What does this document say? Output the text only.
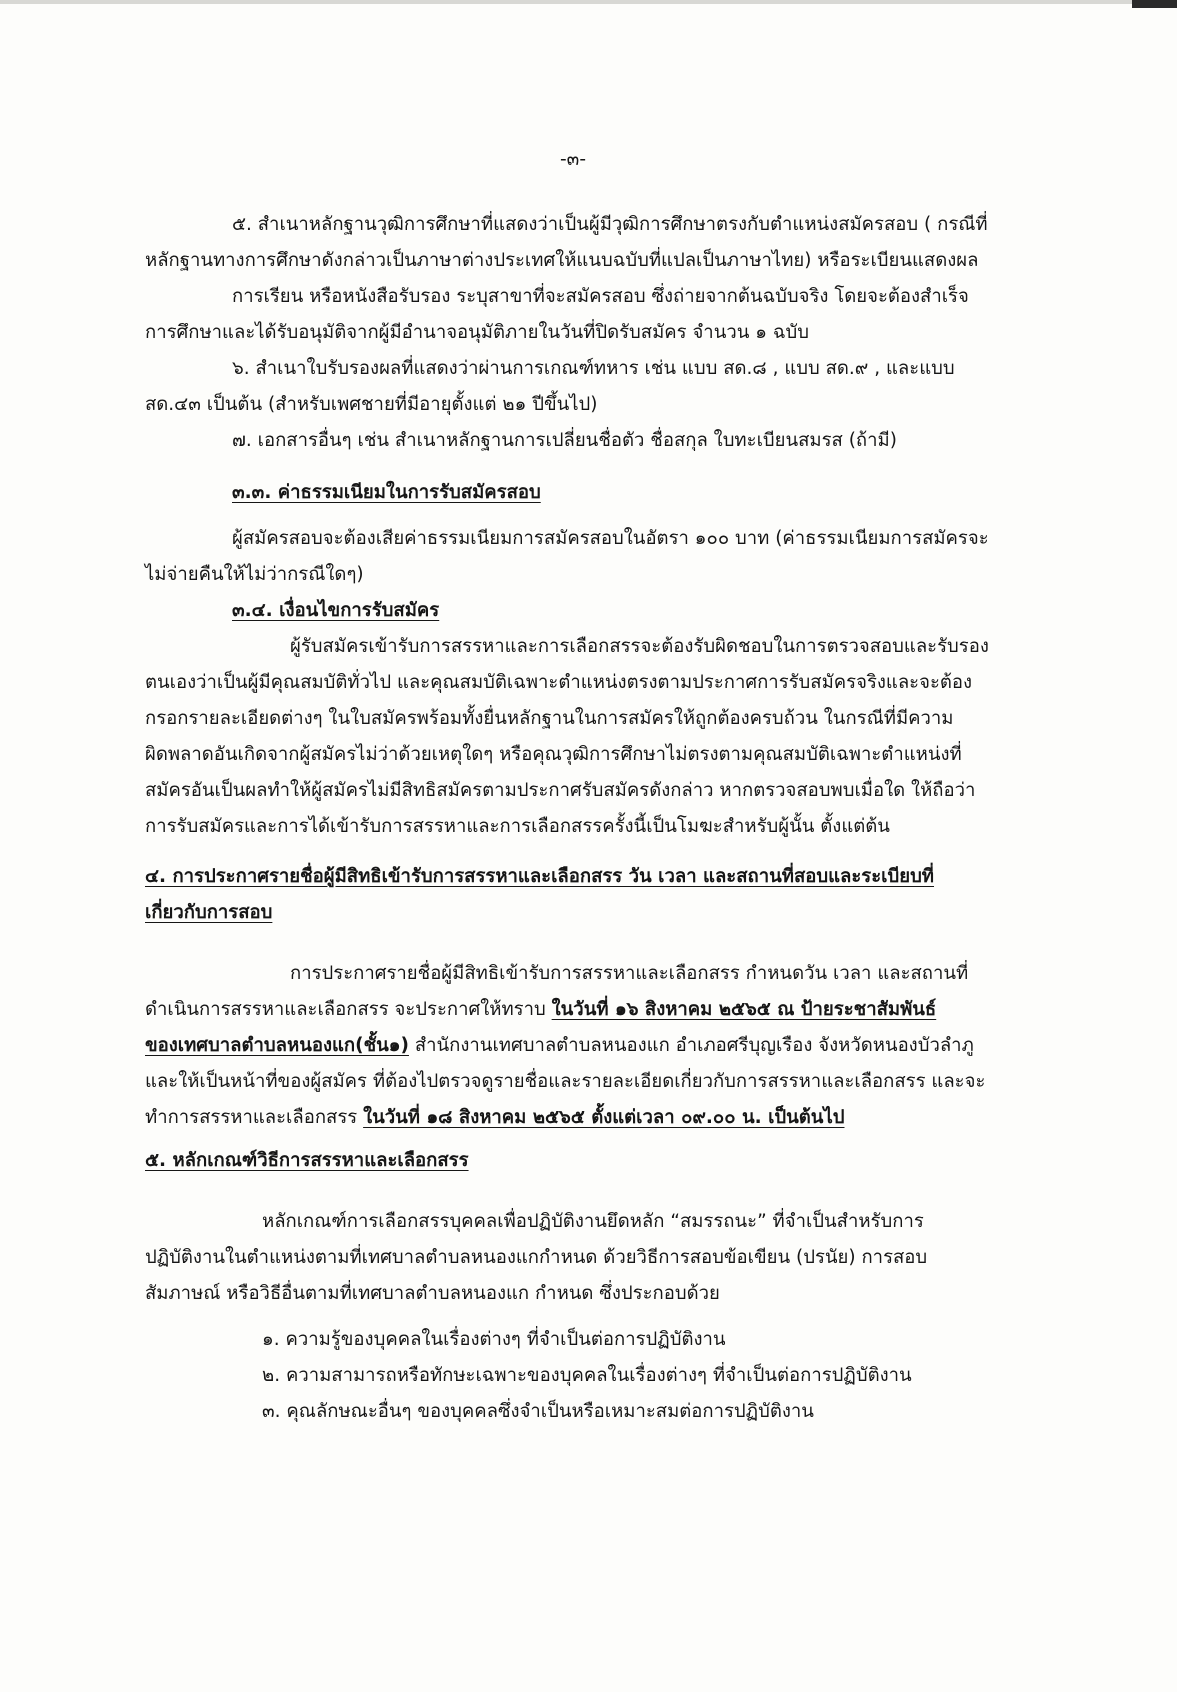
-๓-
๕. สำเนาหลักฐานวุฒิการศึกษาที่แสดงว่าเป็นผู้มีวุฒิการศึกษาตรงกับตำแหน่งสมัครสอบ ( กรณีที่
หลักฐานทางการศึกษาดังกล่าวเป็นภาษาต่างประเทศให้แนบฉบับที่แปลเป็นภาษาไทย) หรือระเบียนแสดงผล
การเรียน หรือหนังสือรับรอง ระบุสาขาที่จะสมัครสอบ ซึ่งถ่ายจากต้นฉบับจริง โดยจะต้องสำเร็จ
การศึกษาและได้รับอนุมัติจากผู้มีอำนาจอนุมัติภายในวันที่ปิดรับสมัคร จำนวน ๑ ฉบับ
๖. สำเนาใบรับรองผลที่แสดงว่าผ่านการเกณฑ์ทหาร เช่น แบบ สด.๘ , แบบ สด.๙ , และแบบ
สด.๔๓ เป็นต้น (สำหรับเพศชายที่มีอายุตั้งแต่ ๒๑ ปีขึ้นไป)
๗. เอกสารอื่นๆ เช่น สำเนาหลักฐานการเปลี่ยนชื่อตัว ชื่อสกุล ใบทะเบียนสมรส (ถ้ามี)
๓.๓. ค่าธรรมเนียมในการรับสมัครสอบ
ผู้สมัครสอบจะต้องเสียค่าธรรมเนียมการสมัครสอบในอัตรา ๑๐๐ บาท (ค่าธรรมเนียมการสมัครจะ
ไม่จ่ายคืนให้ไม่ว่ากรณีใดๆ)
๓.๔. เงื่อนไขการรับสมัคร
ผู้รับสมัครเข้ารับการสรรหาและการเลือกสรรจะต้องรับผิดชอบในการตรวจสอบและรับรอง
ตนเองว่าเป็นผู้มีคุณสมบัติทั่วไป และคุณสมบัติเฉพาะตำแหน่งตรงตามประกาศการรับสมัครจริงและจะต้อง
กรอกรายละเอียดต่างๆ ในใบสมัครพร้อมทั้งยื่นหลักฐานในการสมัครให้ถูกต้องครบถ้วน ในกรณีที่มีความ
ผิดพลาดอันเกิดจากผู้สมัครไม่ว่าด้วยเหตุใดๆ หรือคุณวุฒิการศึกษาไม่ตรงตามคุณสมบัติเฉพาะตำแหน่งที่
สมัครอันเป็นผลทำให้ผู้สมัครไม่มีสิทธิสมัครตามประกาศรับสมัครดังกล่าว หากตรวจสอบพบเมื่อใด ให้ถือว่า
การรับสมัครและการได้เข้ารับการสรรหาและการเลือกสรรครั้งนี้เป็นโมฆะสำหรับผู้นั้น ตั้งแต่ต้น
๔. การประกาศรายชื่อผู้มีสิทธิเข้ารับการสรรหาและเลือกสรร วัน เวลา และสถานที่สอบและระเบียบที่
เกี่ยวกับการสอบ
การประกาศรายชื่อผู้มีสิทธิเข้ารับการสรรหาและเลือกสรร กำหนดวัน เวลา และสถานที่
ดำเนินการสรรหาและเลือกสรร จะประกาศให้ทราบ ในวันที่ ๑๖ สิงหาคม ๒๕๖๕ ณ ป้ายระชาสัมพันธ์
ของเทศบาลตำบลหนองแก(ชั้น๑) สำนักงานเทศบาลตำบลหนองแก อำเภอศรีบุญเรือง จังหวัดหนองบัวลำภู
และให้เป็นหน้าที่ของผู้สมัคร ที่ต้องไปตรวจดูรายชื่อและรายละเอียดเกี่ยวกับการสรรหาและเลือกสรร และจะ
ทำการสรรหาและเลือกสรร ในวันที่ ๑๘ สิงหาคม ๒๕๖๕ ตั้งแต่เวลา ๐๙.๐๐ น. เป็นต้นไป
๕. หลักเกณฑ์วิธีการสรรหาและเลือกสรร
หลักเกณฑ์การเลือกสรรบุคคลเพื่อปฏิบัติงานยึดหลัก “สมรรถนะ” ที่จำเป็นสำหรับการ
ปฏิบัติงานในตำแหน่งตามที่เทศบาลตำบลหนองแกกำหนด ด้วยวิธีการสอบข้อเขียน (ปรนัย) การสอบ
สัมภาษณ์ หรือวิธีอื่นตามที่เทศบาลตำบลหนองแก กำหนด ซึ่งประกอบด้วย
๑. ความรู้ของบุคคลในเรื่องต่างๆ ที่จำเป็นต่อการปฏิบัติงาน
๒. ความสามารถหรือทักษะเฉพาะของบุคคลในเรื่องต่างๆ ที่จำเป็นต่อการปฏิบัติงาน
๓. คุณลักษณะอื่นๆ ของบุคคลซึ่งจำเป็นหรือเหมาะสมต่อการปฏิบัติงาน
